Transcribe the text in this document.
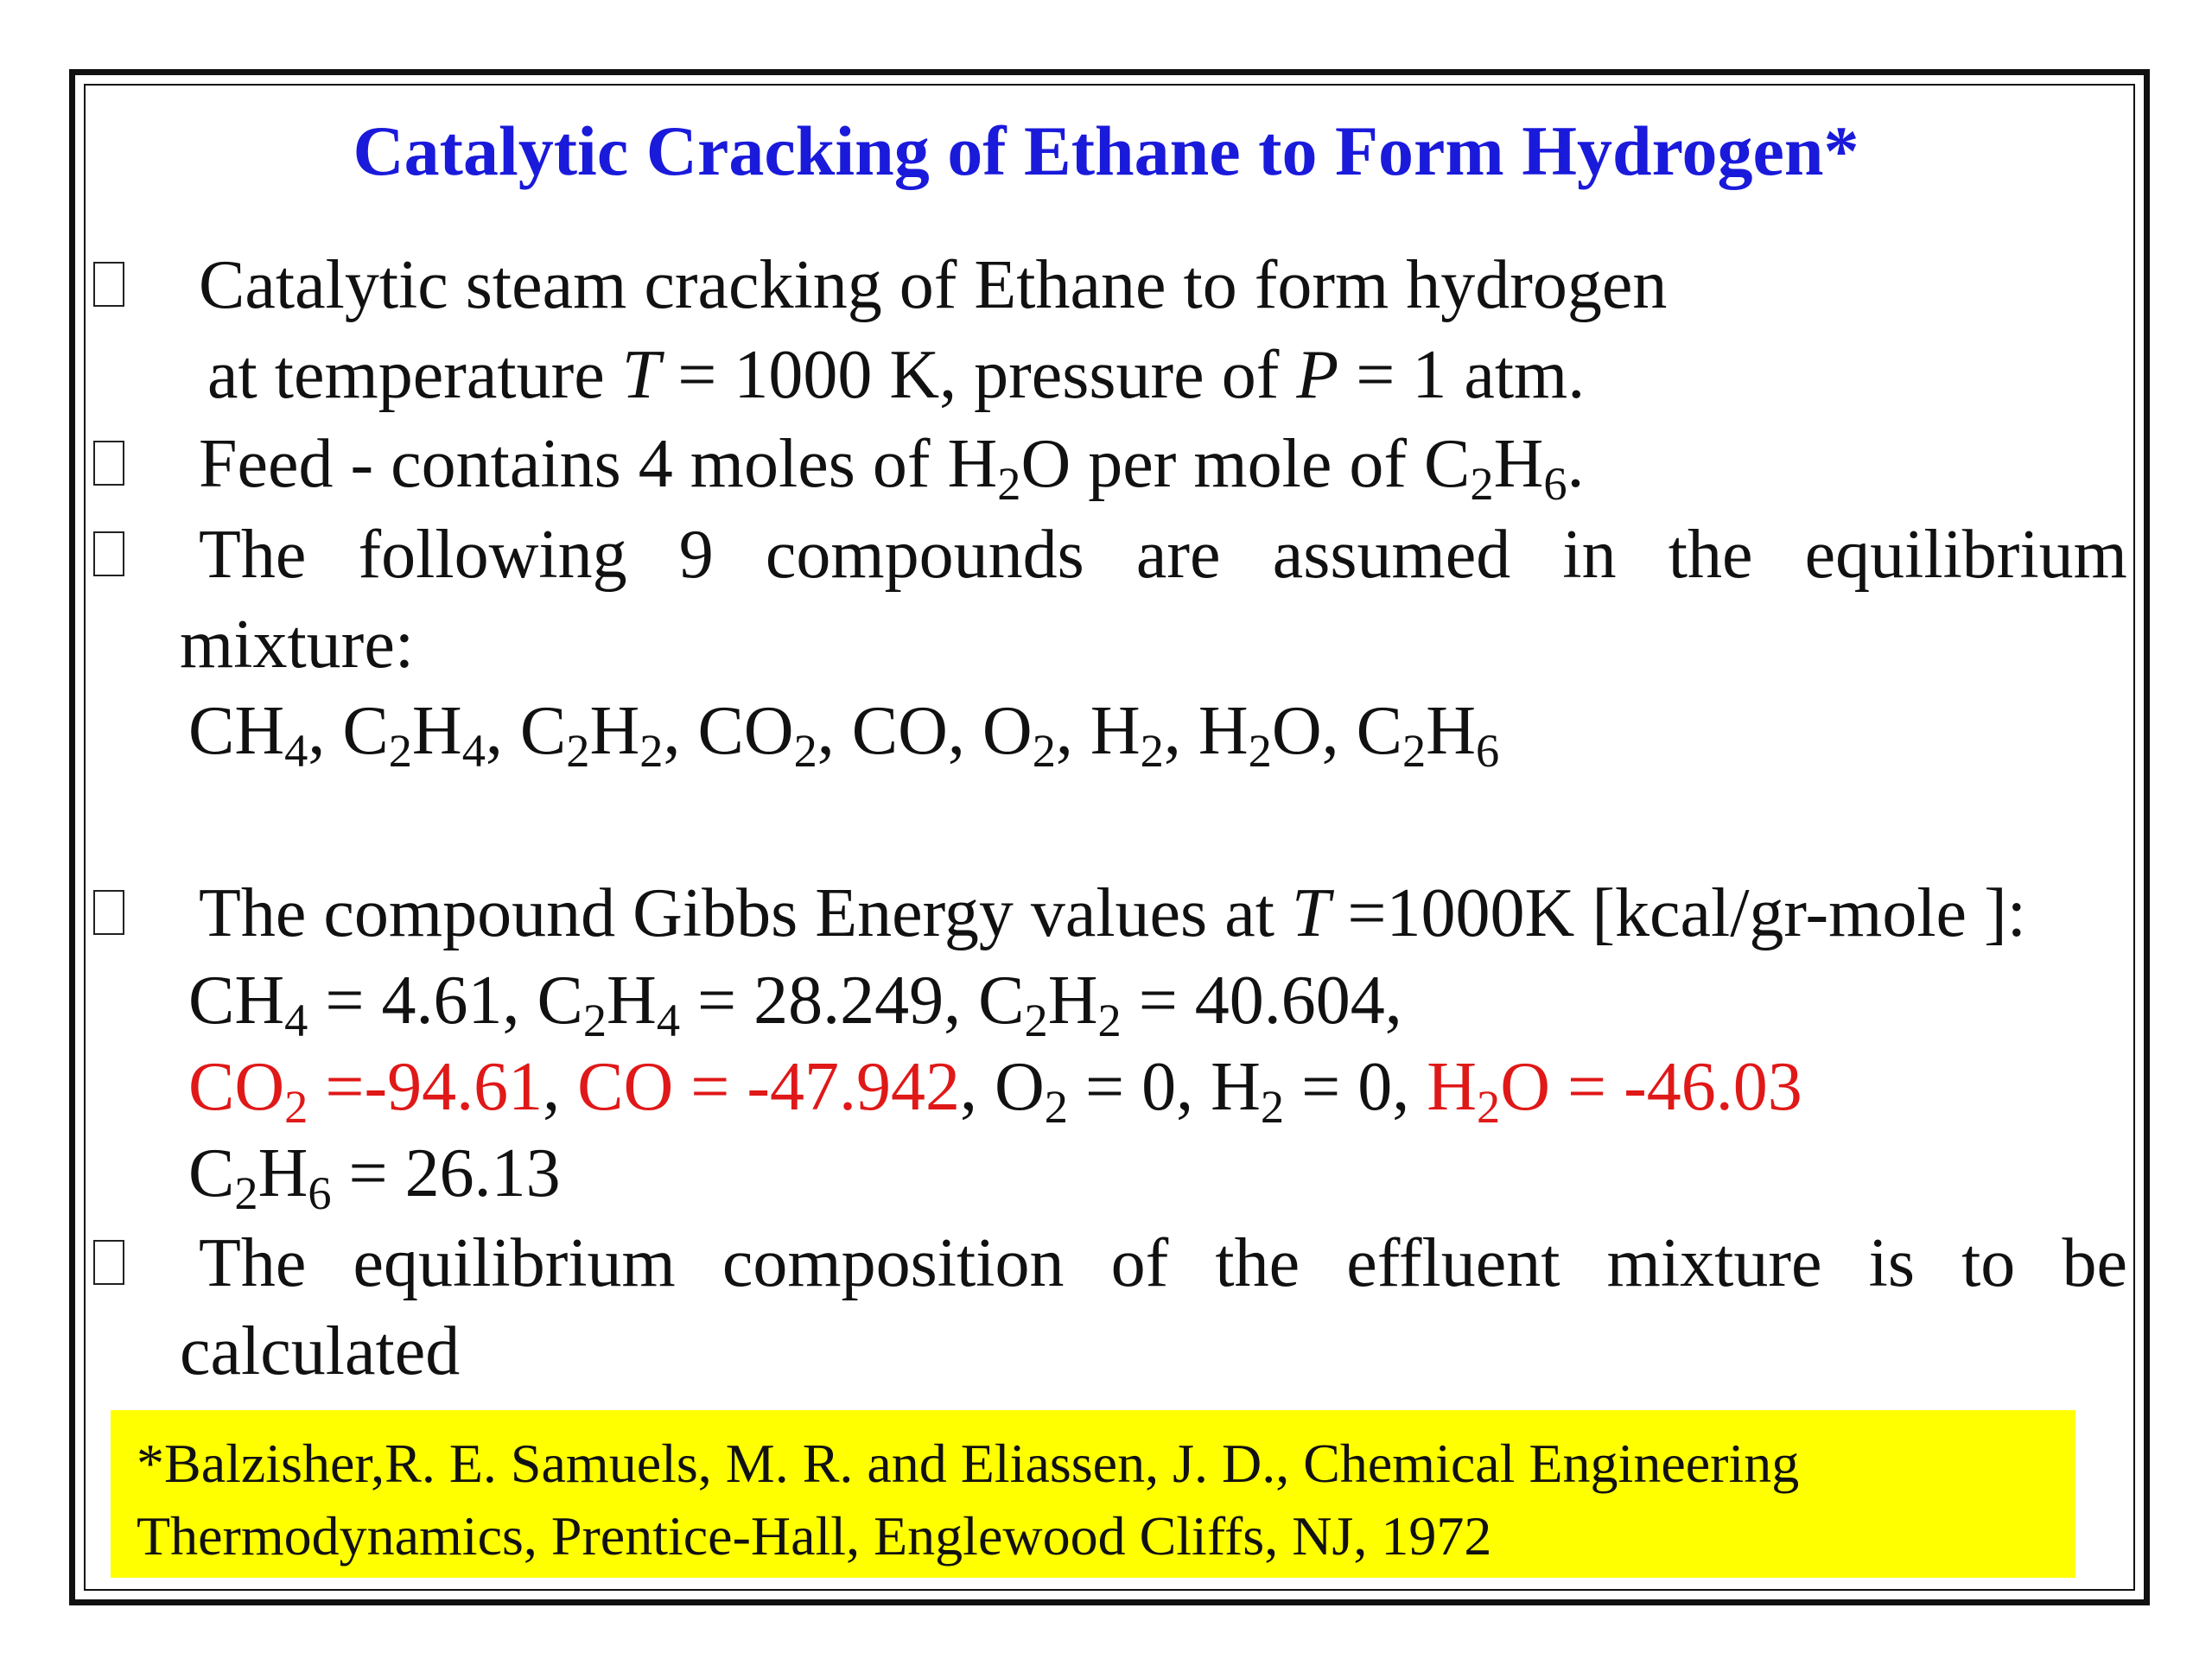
Catalytic Cracking of Ethane to Form Hydrogen*
Catalytic steam cracking of Ethane to form hydrogen
at temperature T = 1000 K, pressure of P = 1 atm.
Feed - contains 4 moles of $H_2O$ per mole of $C_2H_6$.
The following 9 compounds are assumed in the equilibrium
mixture:
$CH_4$, $C_2H_4$, $C_2H_2$, $CO_2$, CO, $O_2$, $H_2$, $H_2O$, $C_2H_6$
The compound Gibbs Energy values at T =1000K [kcal/gr-mole ]:
$CH_4 = 4.61$, $C_2H_4 = 28.249$, $C_2H_2 = 40.604$,
$CO_2 =-94.61$, CO = -47.942, $O_2 = 0$, $H_2 = 0$, $H_2O = -46.03$
$C_2H_6 = 26.13$
The equilibrium composition of the effluent mixture is to be
calculated
*Balzisher,R. E. Samuels, M. R. and Eliassen, J. D., Chemical Engineering
Thermodynamics, Prentice-Hall, Englewood Cliffs, NJ, 1972
